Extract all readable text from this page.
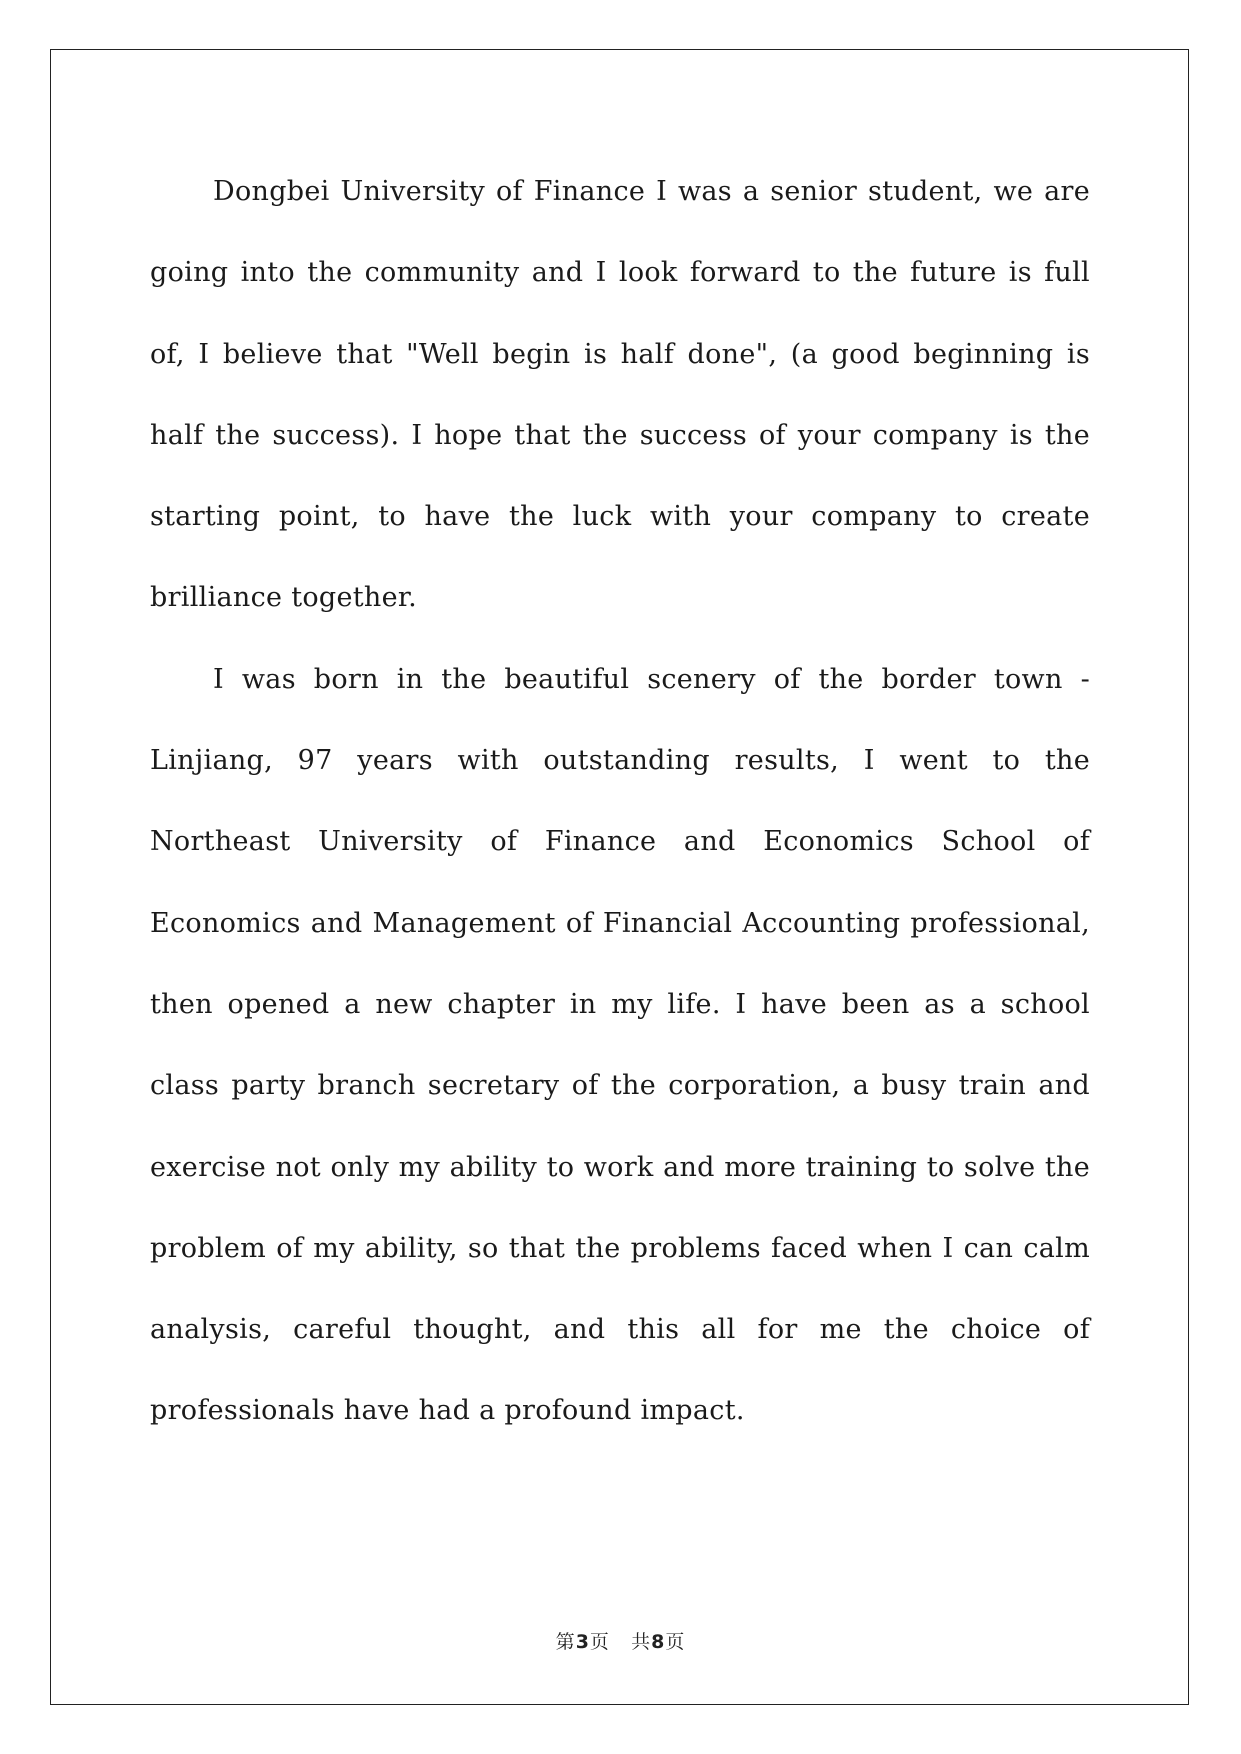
Dongbei University of Finance I was a senior student, we are going into the community and I look forward to the future is full of, I believe that "Well begin is half done", (a good beginning is half the success). I hope that the success of your company is the starting point, to have the luck with your company to create brilliance together.

I was born in the beautiful scenery of the border town - Linjiang, 97 years with outstanding results, I went to the Northeast University of Finance and Economics School of Economics and Management of Financial Accounting professional, then opened a new chapter in my life. I have been as a school class party branch secretary of the corporation, a busy train and exercise not only my ability to work and more training to solve the problem of my ability, so that the problems faced when I can calm analysis, careful thought, and this all for me the choice of professionals have had a profound impact.

第3页 共8页
